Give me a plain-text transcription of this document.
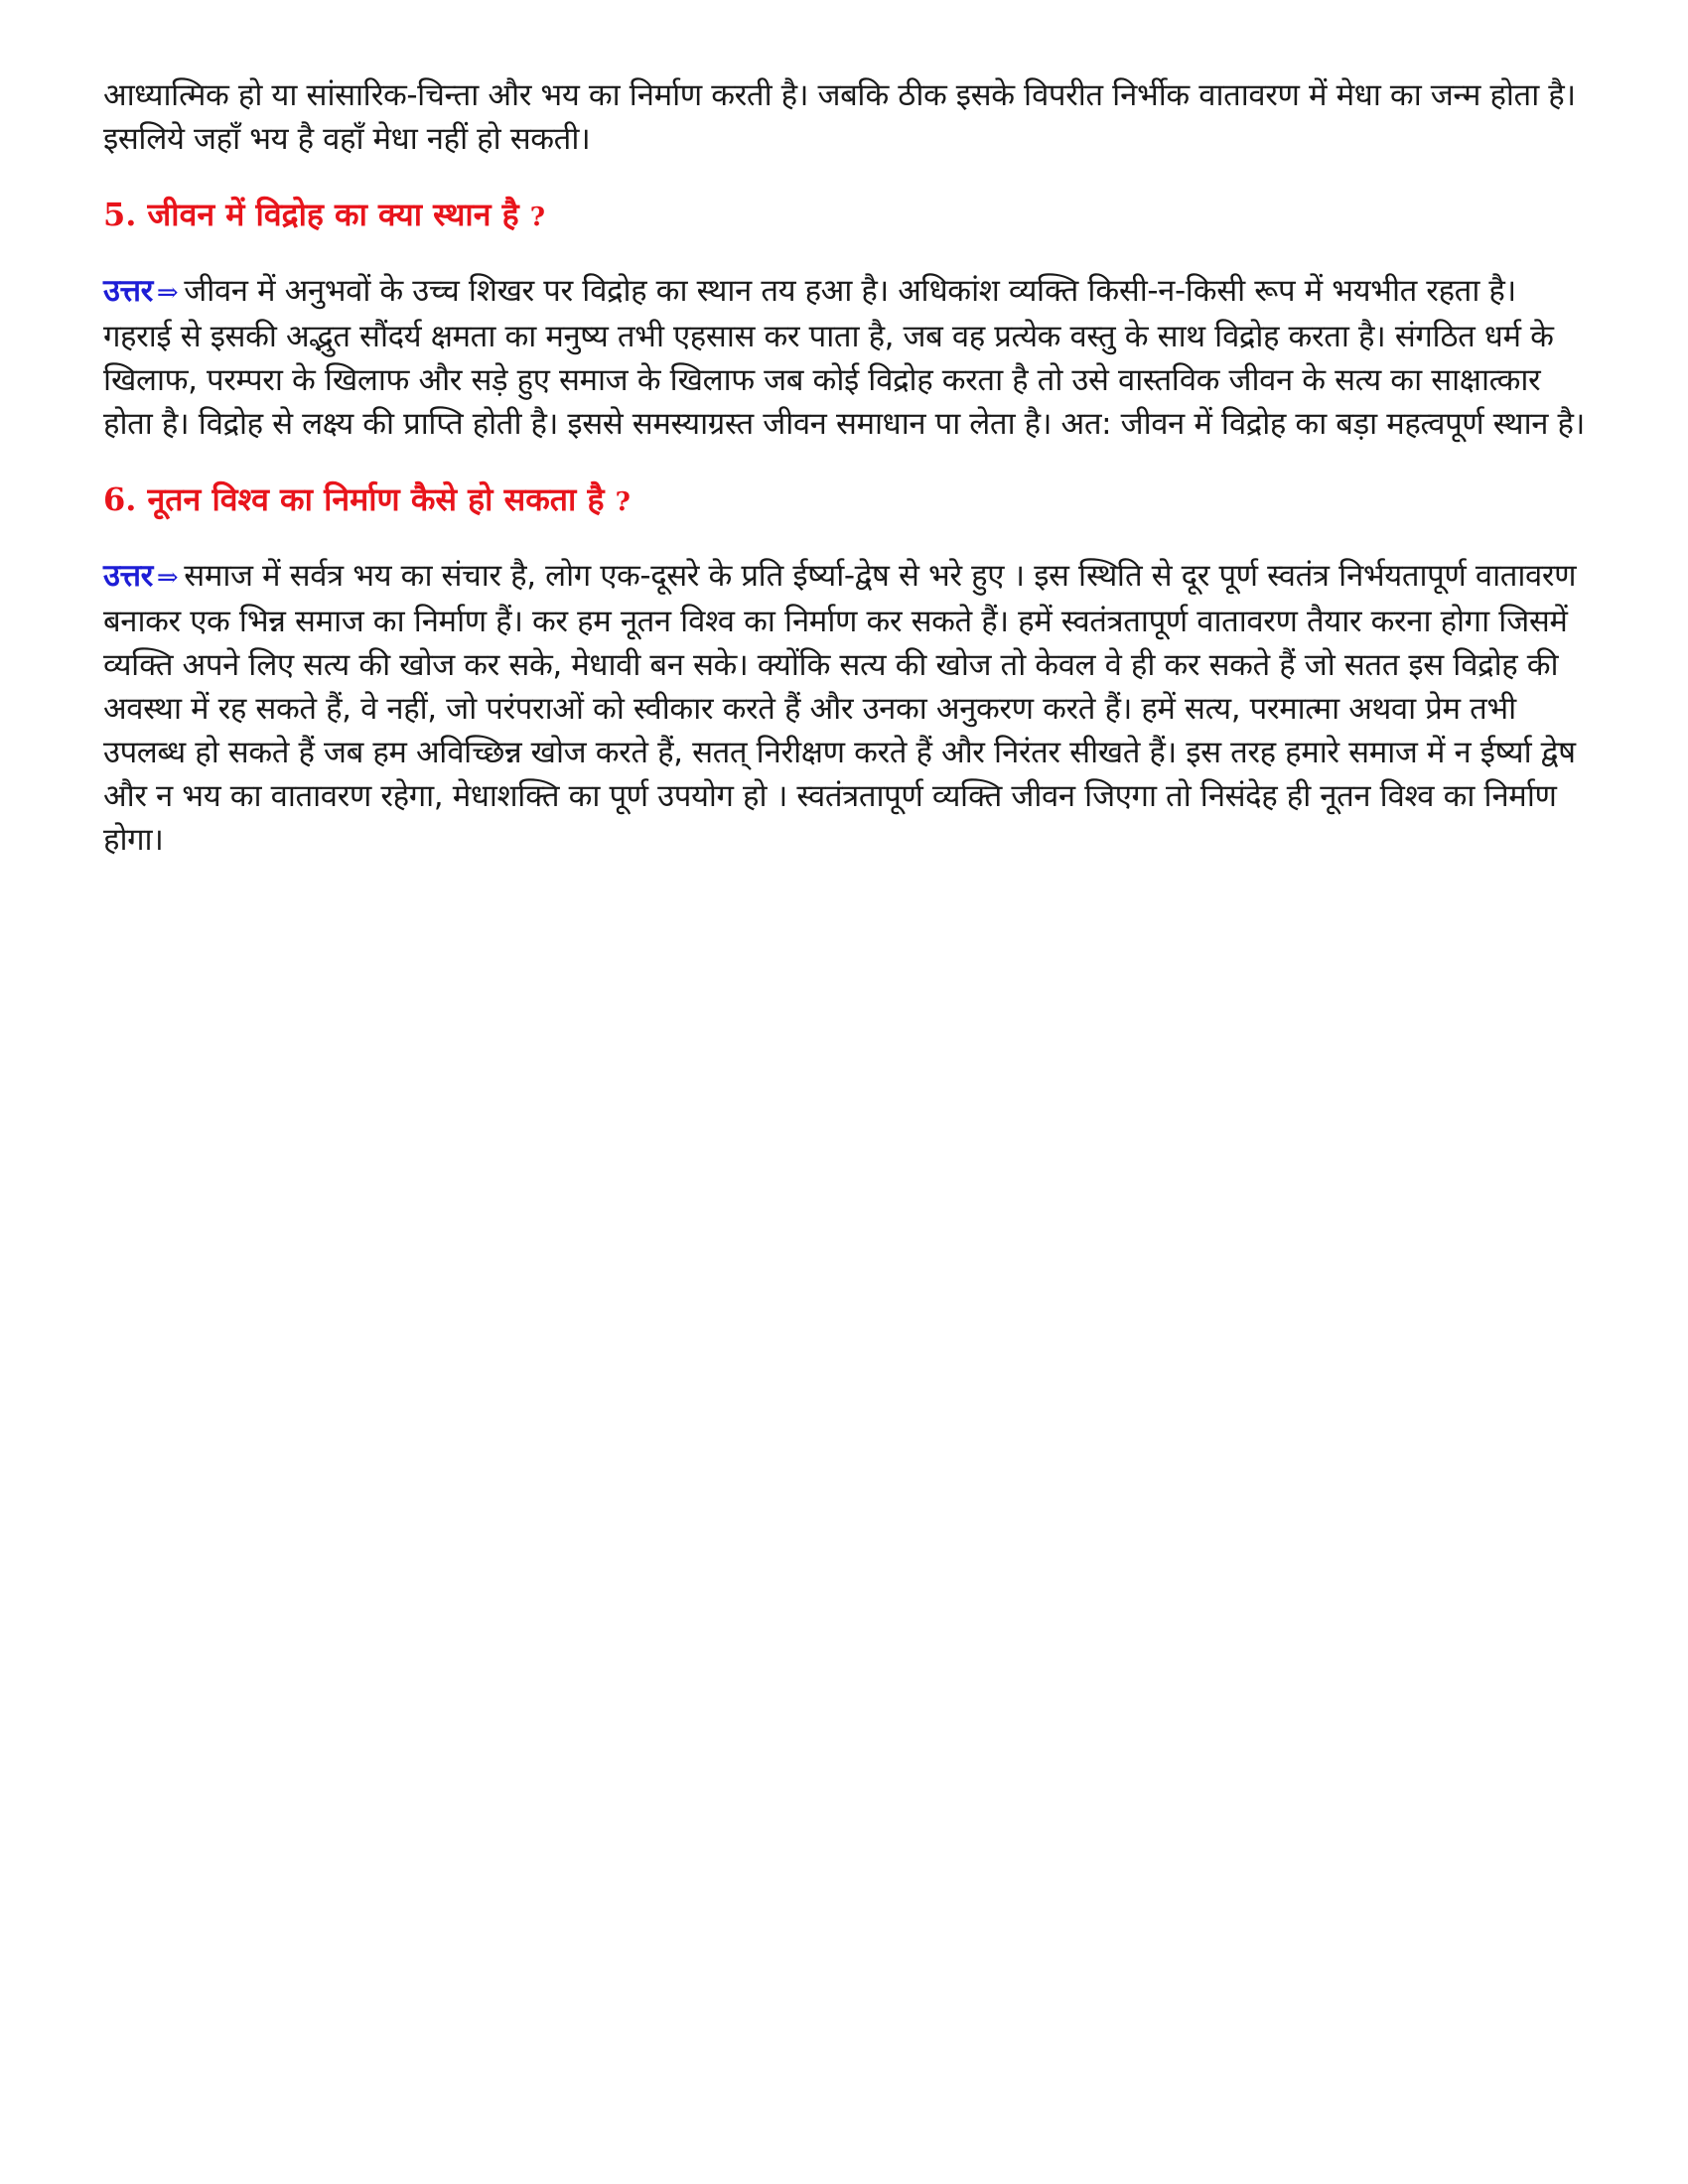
आध्यात्मिक हो या सांसारिक-चिन्ता और भय का निर्माण करती है। जबकि ठीक इसके विपरीत निर्भीक वातावरण में मेधा का जन्म होता है। इसलिये जहाँ भय है वहाँ मेधा नहीं हो सकती।

5. जीवन में विद्रोह का क्या स्थान है ?

उत्तर ⇒ जीवन में अनुभवों के उच्च शिखर पर विद्रोह का स्थान तय हआ है। अधिकांश व्यक्ति किसी-न-किसी रूप में भयभीत रहता है। गहराई से इसकी अद्भुत सौंदर्य क्षमता का मनुष्य तभी एहसास कर पाता है, जब वह प्रत्येक वस्तु के साथ विद्रोह करता है। संगठित धर्म के खिलाफ, परम्परा के खिलाफ और सड़े हुए समाज के खिलाफ जब कोई विद्रोह करता है तो उसे वास्तविक जीवन के सत्य का साक्षात्कार होता है। विद्रोह से लक्ष्य की प्राप्ति होती है। इससे समस्याग्रस्त जीवन समाधान पा लेता है। अत: जीवन में विद्रोह का बड़ा महत्वपूर्ण स्थान है।

6. नूतन विश्व का निर्माण कैसे हो सकता है ?

उत्तर ⇒ समाज में सर्वत्र भय का संचार है, लोग एक-दूसरे के प्रति ईर्ष्या-द्वेष से भरे हुए । इस स्थिति से दूर पूर्ण स्वतंत्र निर्भयतापूर्ण वातावरण बनाकर एक भिन्न समाज का निर्माण हैं। कर हम नूतन विश्व का निर्माण कर सकते हैं। हमें स्वतंत्रतापूर्ण वातावरण तैयार करना होगा जिसमें व्यक्ति अपने लिए सत्य की खोज कर सके, मेधावी बन सके। क्योंकि सत्य की खोज तो केवल वे ही कर सकते हैं जो सतत इस विद्रोह की अवस्था में रह सकते हैं, वे नहीं, जो परंपराओं को स्वीकार करते हैं और उनका अनुकरण करते हैं। हमें सत्य, परमात्मा अथवा प्रेम तभी उपलब्ध हो सकते हैं जब हम अविच्छिन्न खोज करते हैं, सतत् निरीक्षण करते हैं और निरंतर सीखते हैं। इस तरह हमारे समाज में न ईर्ष्या द्वेष और न भय का वातावरण रहेगा, मेधाशक्ति का पूर्ण उपयोग हो । स्वतंत्रतापूर्ण व्यक्ति जीवन जिएगा तो निसंदेह ही नूतन विश्व का निर्माण होगा।
